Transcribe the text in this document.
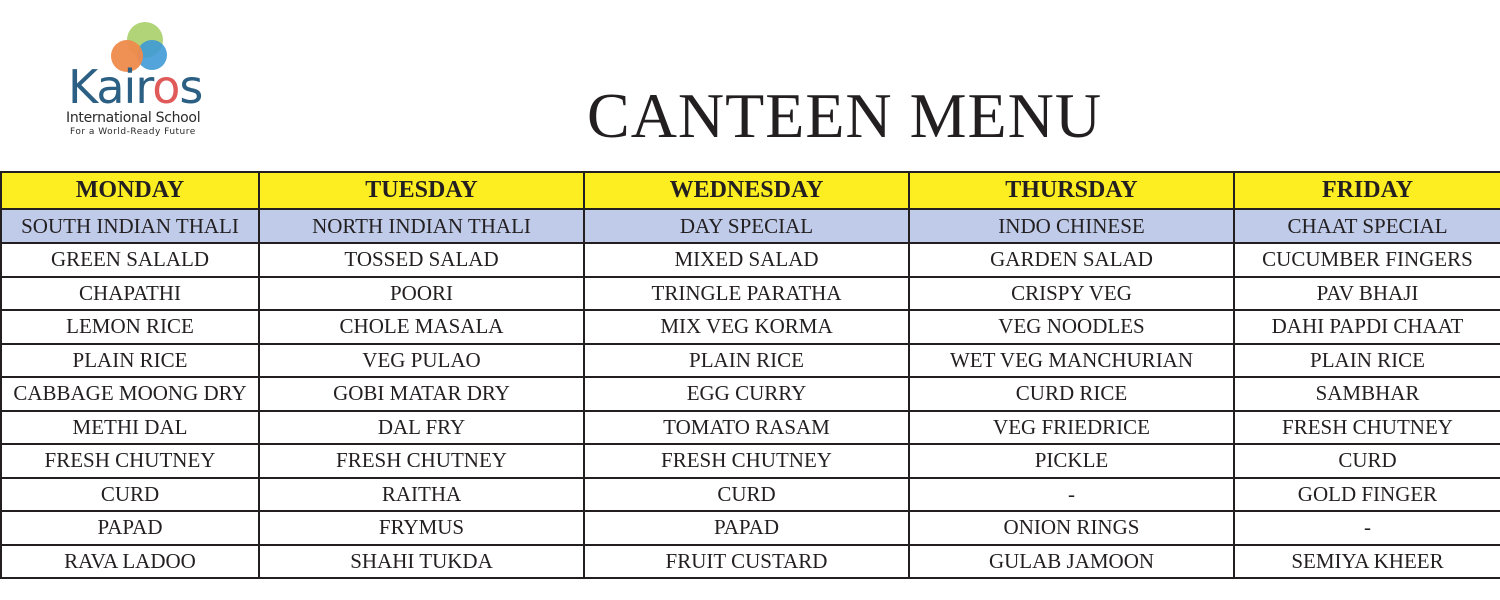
Kairos
International School
For a World-Ready Future	CANTEEN MENU
MONDAY	TUESDAY	WEDNESDAY	THURSDAY	FRIDAY
SOUTH INDIAN THALI	NORTH INDIAN THALI	DAY SPECIAL	INDO CHINESE	CHAAT SPECIAL
GREEN SALALD	TOSSED SALAD	MIXED SALAD	GARDEN SALAD	CUCUMBER FINGERS
CHAPATHI	POORI	TRINGLE PARATHA	CRISPY VEG	PAV BHAJI
LEMON RICE	CHOLE MASALA	MIX VEG KORMA	VEG NOODLES	DAHI PAPDI CHAAT
PLAIN RICE	VEG PULAO	PLAIN RICE	WET VEG MANCHURIAN	PLAIN RICE
CABBAGE MOONG DRY	GOBI MATAR DRY	EGG CURRY	CURD RICE	SAMBHAR
METHI DAL	DAL FRY	TOMATO RASAM	VEG FRIEDRICE	FRESH CHUTNEY
FRESH CHUTNEY	FRESH CHUTNEY	FRESH CHUTNEY	PICKLE	CURD
CURD	RAITHA	CURD	-	GOLD FINGER
PAPAD	FRYMUS	PAPAD	ONION RINGS	-
RAVA LADOO	SHAHI TUKDA	FRUIT CUSTARD	GULAB JAMOON	SEMIYA KHEER
